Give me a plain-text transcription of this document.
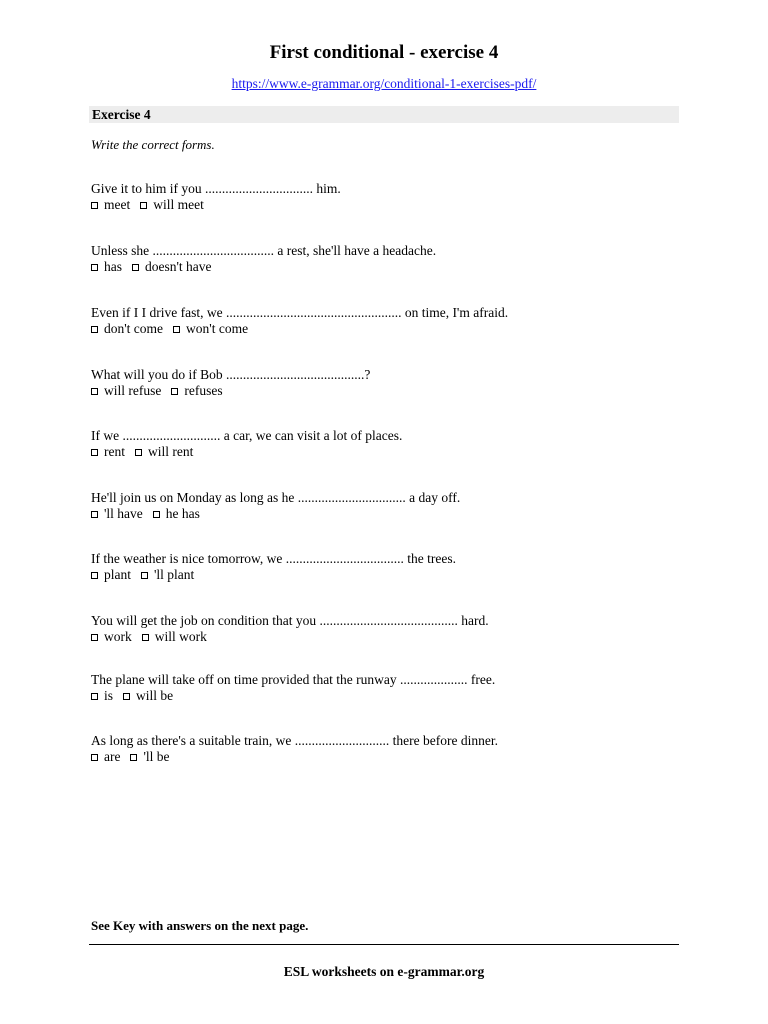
First conditional - exercise 4
https://www.e-grammar.org/conditional-1-exercises-pdf/
Exercise 4
Write the correct forms.
Give it to him if you ................................ him.
meet will meet
Unless she .................................... a rest, she'll have a headache.
has doesn't have
Even if I I drive fast, we .................................................... on time, I'm afraid.
don't come won't come
What will you do if Bob .........................................?
will refuse refuses
If we ............................. a car, we can visit a lot of places.
rent will rent
He'll join us on Monday as long as he ................................ a day off.
'll have he has
If the weather is nice tomorrow, we ................................... the trees.
plant 'll plant
You will get the job on condition that you ......................................... hard.
work will work
The plane will take off on time provided that the runway .................... free.
is will be
As long as there's a suitable train, we ............................ there before dinner.
are 'll be
See Key with answers on the next page.
ESL worksheets on e-grammar.org
